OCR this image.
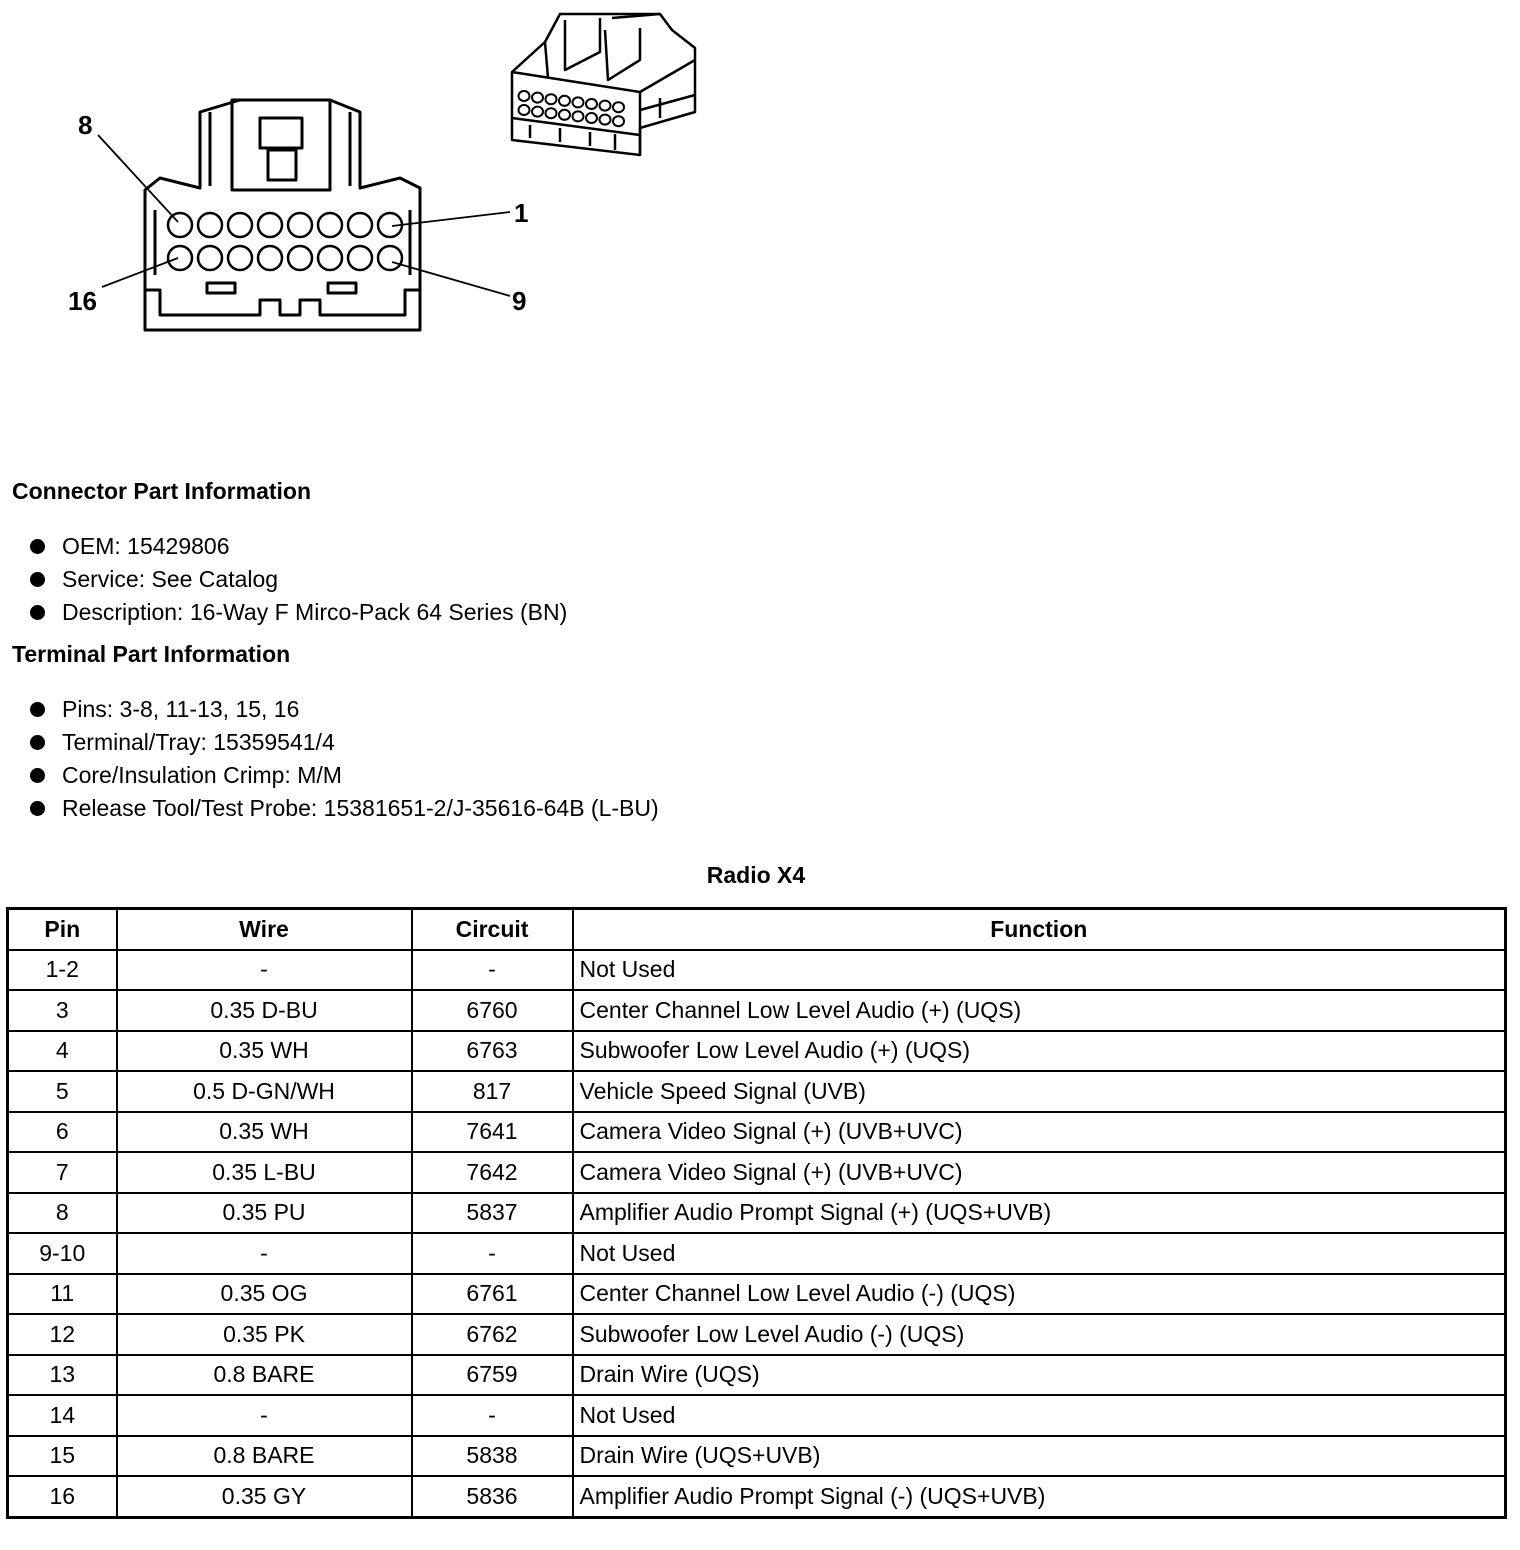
8
1
16	9
Connector Part Information
OEM: 15429806
Service: See Catalog
Description: 16-Way F Mirco-Pack 64 Series (BN)
Terminal Part Information
Pins: 3-8, 11-13, 15, 16
Terminal/Tray: 15359541/4
Core/Insulation Crimp: M/M
Release Tool/Test Probe: 15381651-2/J-35616-64B (L-BU)
Radio X4
Pin	Wire	Circuit	Function
1-2	-	-	Not Used
3	0.35 D-BU	6760	Center Channel Low Level Audio (+) (UQS)
4	0.35 WH	6763	Subwoofer Low Level Audio (+) (UQS)
5	0.5 D-GN/WH	817	Vehicle Speed Signal (UVB)
6	0.35 WH	7641	Camera Video Signal (+) (UVB+UVC)
7	0.35 L-BU	7642	Camera Video Signal (+) (UVB+UVC)
8	0.35 PU	5837	Amplifier Audio Prompt Signal (+) (UQS+UVB)
9-10	-	-	Not Used
11	0.35 OG	6761	Center Channel Low Level Audio (-) (UQS)
12	0.35 PK	6762	Subwoofer Low Level Audio (-) (UQS)
13	0.8 BARE	6759	Drain Wire (UQS)
14	-	-	Not Used
15	0.8 BARE	5838	Drain Wire (UQS+UVB)
16	0.35 GY	5836	Amplifier Audio Prompt Signal (-) (UQS+UVB)
